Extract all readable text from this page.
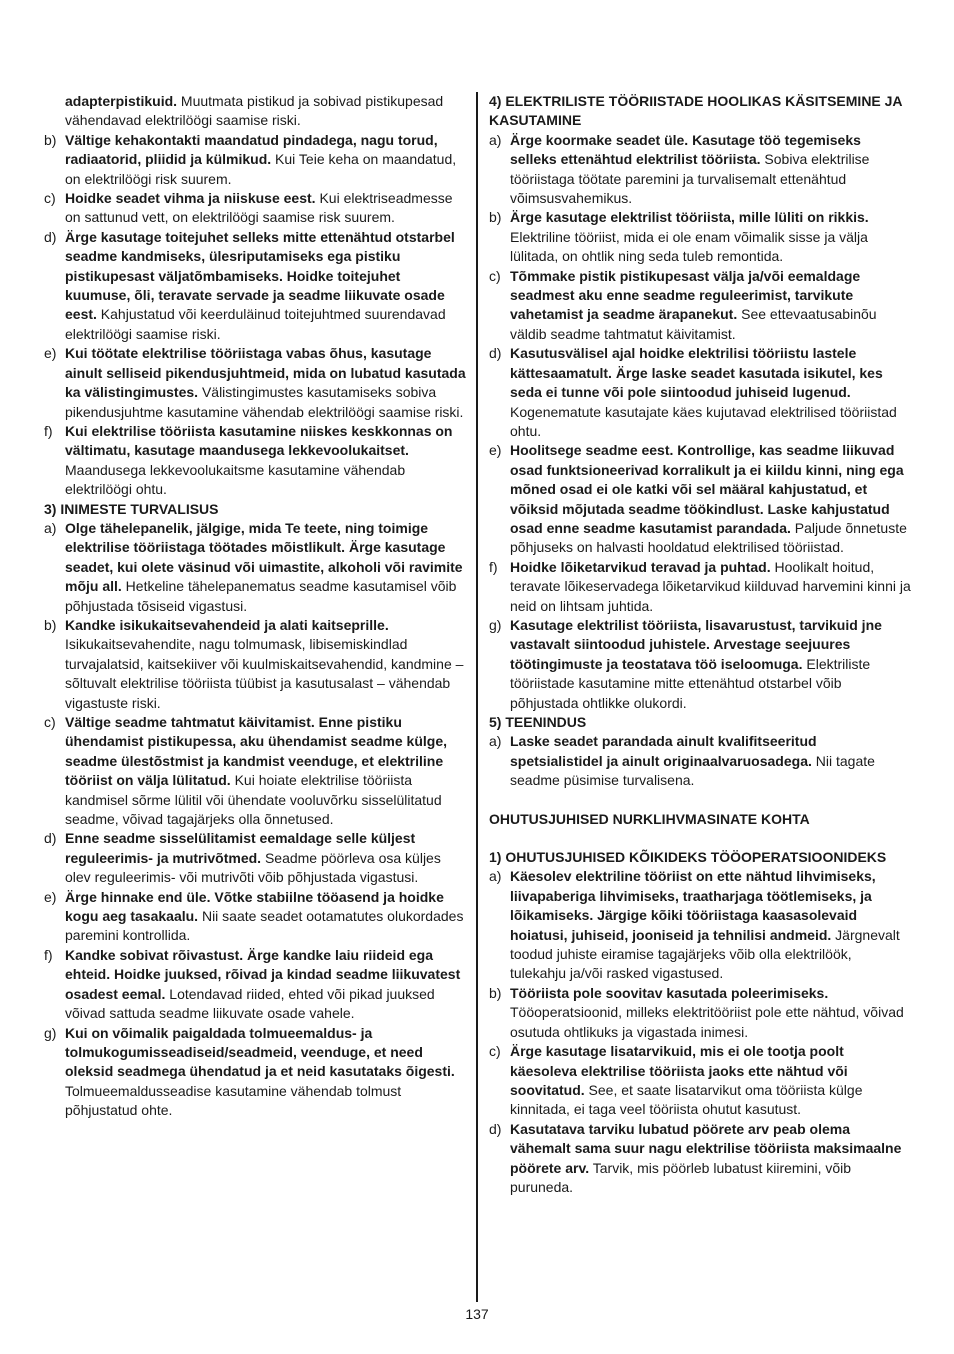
adapterpistikuid. Muutmata pistikud ja sobivad pistikupesad vähendavad elektrilöögi saamise riski.

b) Vältige kehakontakti maandatud pindadega, nagu torud, radiaatorid, pliidid ja külmikud. Kui Teie keha on maandatud, on elektrilöögi risk suurem.

c) Hoidke seadet vihma ja niiskuse eest. Kui elektriseadmesse on sattunud vett, on elektrilöögi saamise risk suurem.

d) Ärge kasutage toitejuhet selleks mitte ettenähtud otstarbel seadme kandmiseks, ülesriputamiseks ega pistiku pistikupesast väljatõmbamiseks. Hoidke toitejuhet kuumuse, õli, teravate servade ja seadme liikuvate osade eest. Kahjustatud või keerduläinud toitejuhtmed suurendavad elektrilöögi saamise riski.

e) Kui töötate elektrilise tööriistaga vabas õhus, kasutage ainult selliseid pikendusjuhtmeid, mida on lubatud kasutada ka välistingimustes. Välistingimustes kasutamiseks sobiva pikendusjuhtme kasutamine vähendab elektrilöögi saamise riski.

f) Kui elektrilise tööriista kasutamine niiskes keskkonnas on vältimatu, kasutage maandusega lekkevoolukaitset. Maandusega lekkevoolukaitsme kasutamine vähendab elektrilöögi ohtu.

3) INIMESTE TURVALISUS

a) Olge tähelepanelik, jälgige, mida Te teete, ning toimige elektrilise tööriistaga töötades mõistlikult. Ärge kasutage seadet, kui olete väsinud või uimastite, alkoholi või ravimite mõju all. Hetkeline tähelepanematus seadme kasutamisel võib põhjustada tõsiseid vigastusi.

b) Kandke isikukaitsevahendeid ja alati kaitseprille. Isikukaitsevahendite, nagu tolmumask, libisemiskindlad turvajalatsid, kaitsekiiver või kuulmiskaitsevahendid, kandmine – sõltuvalt elektrilise tööriista tüübist ja kasutusalast – vähendab vigastuste riski.

c) Vältige seadme tahtmatut käivitamist. Enne pistiku ühendamist pistikupessa, aku ühendamist seadme külge, seadme ülestõstmist ja kandmist veenduge, et elektriline tööriist on välja lülitatud. Kui hoiate elektrilise tööriista kandmisel sõrme lülitil või ühendate vooluvõrku sisselülitatud seadme, võivad tagajärjeks olla õnnetused.

d) Enne seadme sisselülitamist eemaldage selle küljest reguleerimis- ja mutrivõtmed. Seadme pöörleva osa küljes olev reguleerimis- või mutrivõti võib põhjustada vigastusi.

e) Ärge hinnake end üle. Võtke stabiilne tööasend ja hoidke kogu aeg tasakaalu. Nii saate seadet ootamatutes olukordades paremini kontrollida.

f) Kandke sobivat rõivastust. Ärge kandke laiu riideid ega ehteid. Hoidke juuksed, rõivad ja kindad seadme liikuvatest osadest eemal. Lotendavad riided, ehted või pikad juuksed võivad sattuda seadme liikuvate osade vahele.

g) Kui on võimalik paigaldada tolmueemaldus- ja tolmukogumisseadiseid/seadmeid, veenduge, et need oleksid seadmega ühendatud ja et neid kasutataks õigesti. Tolmueemaldusseadise kasutamine vähendab tolmust põhjustatud ohte.

4) ELEKTRILISTE TÖÖRIISTADE HOOLIKAS KÄSITSEMINE JA KASUTAMINE

a) Ärge koormake seadet üle. Kasutage töö tegemiseks selleks ettenähtud elektrilist tööriista. Sobiva elektrilise tööriistaga töötate paremini ja turvalisemalt ettenähtud võimsusvahemikus.

b) Ärge kasutage elektrilist tööriista, mille lüliti on rikkis. Elektriline tööriist, mida ei ole enam võimalik sisse ja välja lülitada, on ohtlik ning seda tuleb remontida.

c) Tõmmake pistik pistikupesast välja ja/või eemaldage seadmest aku enne seadme reguleerimist, tarvikute vahetamist ja seadme ärapanekut. See ettevaatusabinõu väldib seadme tahtmatut käivitamist.

d) Kasutusvälisel ajal hoidke elektrilisi tööriistu lastele kättesaamatult. Ärge laske seadet kasutada isikutel, kes seda ei tunne või pole siintoodud juhiseid lugenud. Kogenematute kasutajate käes kujutavad elektrilised tööriistad ohtu.

e) Hoolitsege seadme eest. Kontrollige, kas seadme liikuvad osad funktsioneerivad korralikult ja ei kiildu kinni, ning ega mõned osad ei ole katki või sel määral kahjustatud, et võiksid mõjutada seadme töökindlust. Laske kahjustatud osad enne seadme kasutamist parandada. Paljude õnnetuste põhjuseks on halvasti hooldatud elektrilised tööriistad.

f) Hoidke lõiketarvikud teravad ja puhtad. Hoolikalt hoitud, teravate lõikeservadega lõiketarvikud kiilduvad harvemini kinni ja neid on lihtsam juhtida.

g) Kasutage elektrilist tööriista, lisavarustust, tarvikuid jne vastavalt siintoodud juhistele. Arvestage seejuures töötingimuste ja teostatava töö iseloomuga. Elektriliste tööriistade kasutamine mitte ettenähtud otstarbel võib põhjustada ohtlikke olukordi.

5) TEENINDUS

a) Laske seadet parandada ainult kvalifitseeritud spetsialistidel ja ainult originaalvaruosadega. Nii tagate seadme püsimise turvalisena.

OHUTUSJUHISED NURKLIHVMASINATE KOHTA

1) OHUTUSJUHISED KÕIKIDEKS TÖÖOPERATSIOONIDEKS

a) Käesolev elektriline tööriist on ette nähtud lihvimiseks, liivapaberiga lihvimiseks, traatharjaga töötlemiseks, ja lõikamiseks. Järgige kõiki tööriistaga kaasasolevaid hoiatusi, juhiseid, jooniseid ja tehnilisi andmeid. Järgnevalt toodud juhiste eiramise tagajärjeks võib olla elektrilöök, tulekahju ja/või rasked vigastused.

b) Tööriista pole soovitav kasutada poleerimiseks. Tööoperatsioonid, milleks elektritööriist pole ette nähtud, võivad osutuda ohtlikuks ja vigastada inimesi.

c) Ärge kasutage lisatarvikuid, mis ei ole tootja poolt käesoleva elektrilise tööriista jaoks ette nähtud või soovitatud. See, et saate lisatarvikut oma tööriista külge kinnitada, ei taga veel tööriista ohutut kasutust.

d) Kasutatava tarviku lubatud pöörete arv peab olema vähemalt sama suur nagu elektrilise tööriista maksimaalne pöörete arv. Tarvik, mis pöörleb lubatust kiiremini, võib puruneda.

137
